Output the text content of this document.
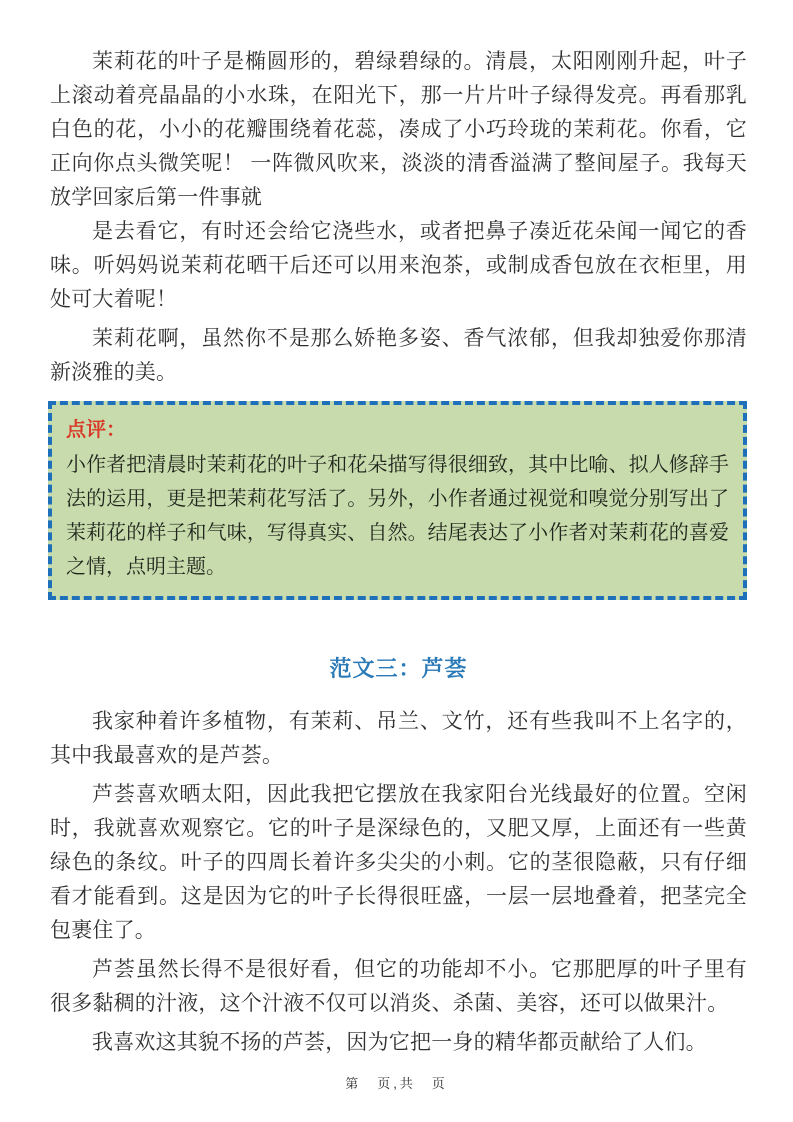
茉莉花的叶子是椭圆形的，碧绿碧绿的。清晨，太阳刚刚升起，叶子上滚动着亮晶晶的小水珠，在阳光下，那一片片叶子绿得发亮。再看那乳白色的花，小小的花瓣围绕着花蕊，凑成了小巧玲珑的茉莉花。你看，它正向你点头微笑呢！ 一阵微风吹来，淡淡的清香溢满了整间屋子。我每天放学回家后第一件事就

是去看它，有时还会给它浇些水，或者把鼻子凑近花朵闻一闻它的香味。听妈妈说茉莉花晒干后还可以用来泡茶，或制成香包放在衣柜里，用处可大着呢！

茉莉花啊，虽然你不是那么娇艳多姿、香气浓郁，但我却独爱你那清新淡雅的美。

点评：

小作者把清晨时茉莉花的叶子和花朵描写得很细致，其中比喻、拟人修辞手法的运用，更是把茉莉花写活了。另外，小作者通过视觉和嗅觉分别写出了茉莉花的样子和气味，写得真实、自然。结尾表达了小作者对茉莉花的喜爱之情，点明主题。

范文三：芦荟

我家种着许多植物，有茉莉、吊兰、文竹，还有些我叫不上名字的，其中我最喜欢的是芦荟。

芦荟喜欢晒太阳，因此我把它摆放在我家阳台光线最好的位置。空闲时，我就喜欢观察它。它的叶子是深绿色的，又肥又厚，上面还有一些黄绿色的条纹。叶子的四周长着许多尖尖的小刺。它的茎很隐蔽，只有仔细看才能看到。这是因为它的叶子长得很旺盛，一层一层地叠着，把茎完全包裹住了。

芦荟虽然长得不是很好看，但它的功能却不小。它那肥厚的叶子里有很多黏稠的汁液，这个汁液不仅可以消炎、杀菌、美容，还可以做果汁。

我喜欢这其貌不扬的芦荟，因为它把一身的精华都贡献给了人们。

第　页,共　页
